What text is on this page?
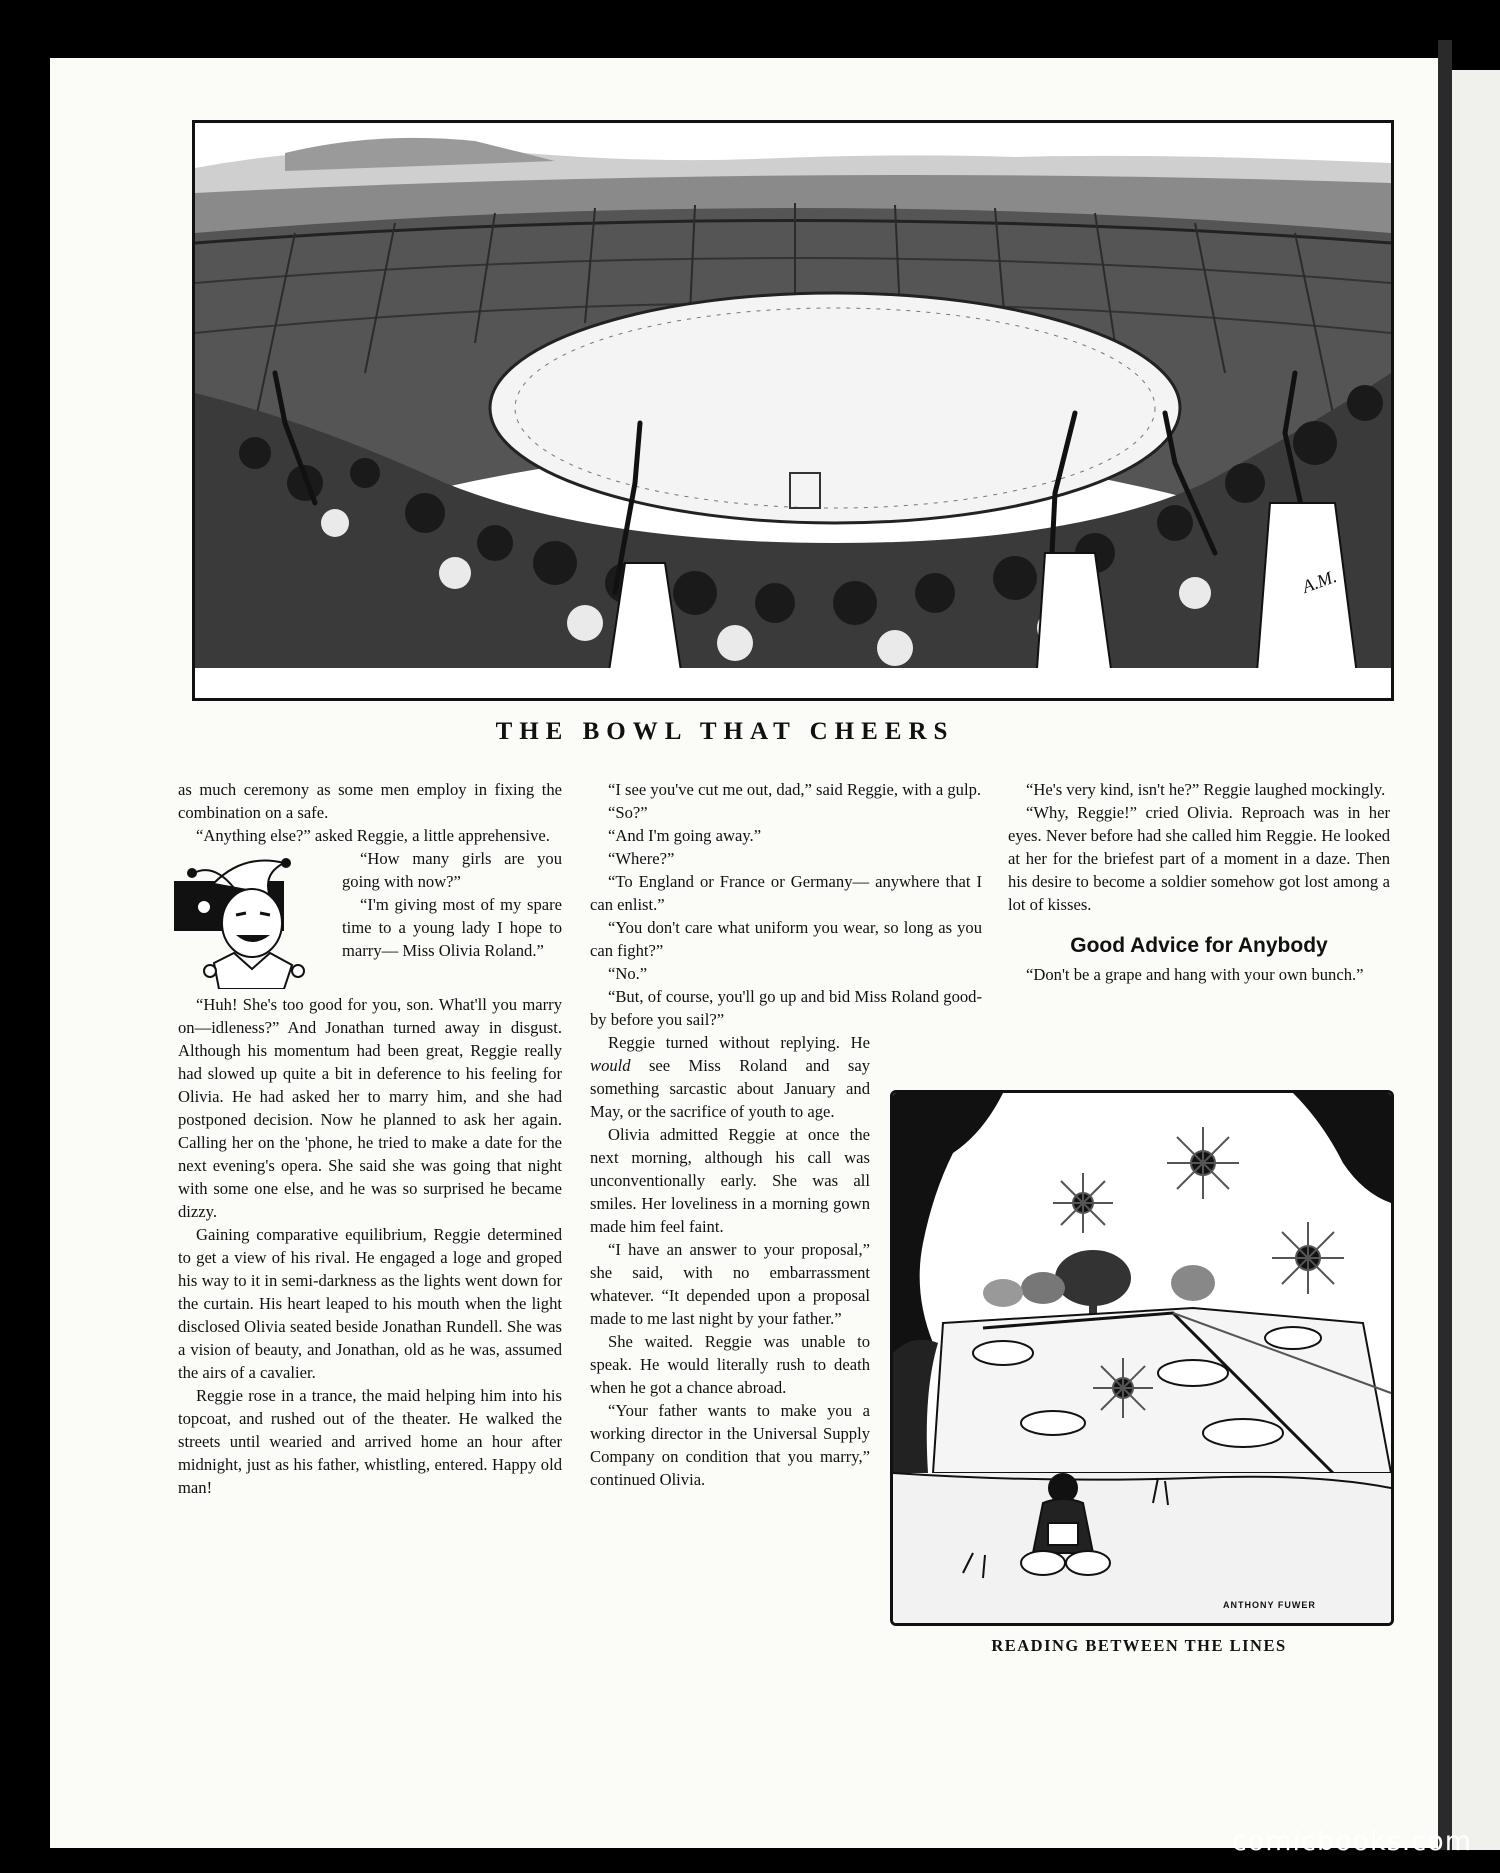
A.M.
THE BOWL THAT CHEERS

as much ceremony as some men employ in fixing the combination on a safe.

“Anything else?” asked Reggie, a little apprehensive.

“How many girls are you going with now?”

“I'm giving most of my spare time to a young lady I hope to marry— Miss Olivia Roland.”

“Huh! She's too good for you, son. What'll you marry on—idleness?” And Jonathan turned away in disgust. Although his momentum had been great, Reggie really had slowed up quite a bit in deference to his feeling for Olivia. He had asked her to marry him, and she had postponed decision. Now he planned to ask her again. Calling her on the 'phone, he tried to make a date for the next evening's opera. She said she was going that night with some one else, and he was so surprised he became dizzy.

Gaining comparative equilibrium, Reggie determined to get a view of his rival. He engaged a loge and groped his way to it in semi-darkness as the lights went down for the curtain. His heart leaped to his mouth when the light disclosed Olivia seated beside Jonathan Rundell. She was a vision of beauty, and Jonathan, old as he was, assumed the airs of a cavalier.

Reggie rose in a trance, the maid helping him into his topcoat, and rushed out of the theater. He walked the streets until wearied and arrived home an hour after midnight, just as his father, whistling, entered. Happy old man!

“I see you've cut me out, dad,” said Reggie, with a gulp.

“So?”

“And I'm going away.”

“Where?”

“To England or France or Germany— anywhere that I can enlist.”

“You don't care what uniform you wear, so long as you can fight?”

“No.”

“But, of course, you'll go up and bid Miss Roland good-by before you sail?”

Reggie turned without replying. He would see Miss Roland and say something sarcastic about January and May, or the sacrifice of youth to age.

Olivia admitted Reggie at once the next morning, although his call was unconventionally early. She was all smiles. Her loveliness in a morning gown made him feel faint.

“I have an answer to your proposal,” she said, with no embarrassment whatever. “It depended upon a proposal made to me last night by your father.”

She waited. Reggie was unable to speak. He would literally rush to death when he got a chance abroad.

“Your father wants to make you a working director in the Universal Supply Company on condition that you marry,” continued Olivia.

“He's very kind, isn't he?” Reggie laughed mockingly.

“Why, Reggie!” cried Olivia. Reproach was in her eyes. Never before had she called him Reggie. He looked at her for the briefest part of a moment in a daze. Then his desire to become a soldier somehow got lost among a lot of kisses.

Good Advice for Anybody

“Don't be a grape and hang with your own bunch.”

ANTHONY FUWER
READING BETWEEN THE LINES
comicbooks.com
